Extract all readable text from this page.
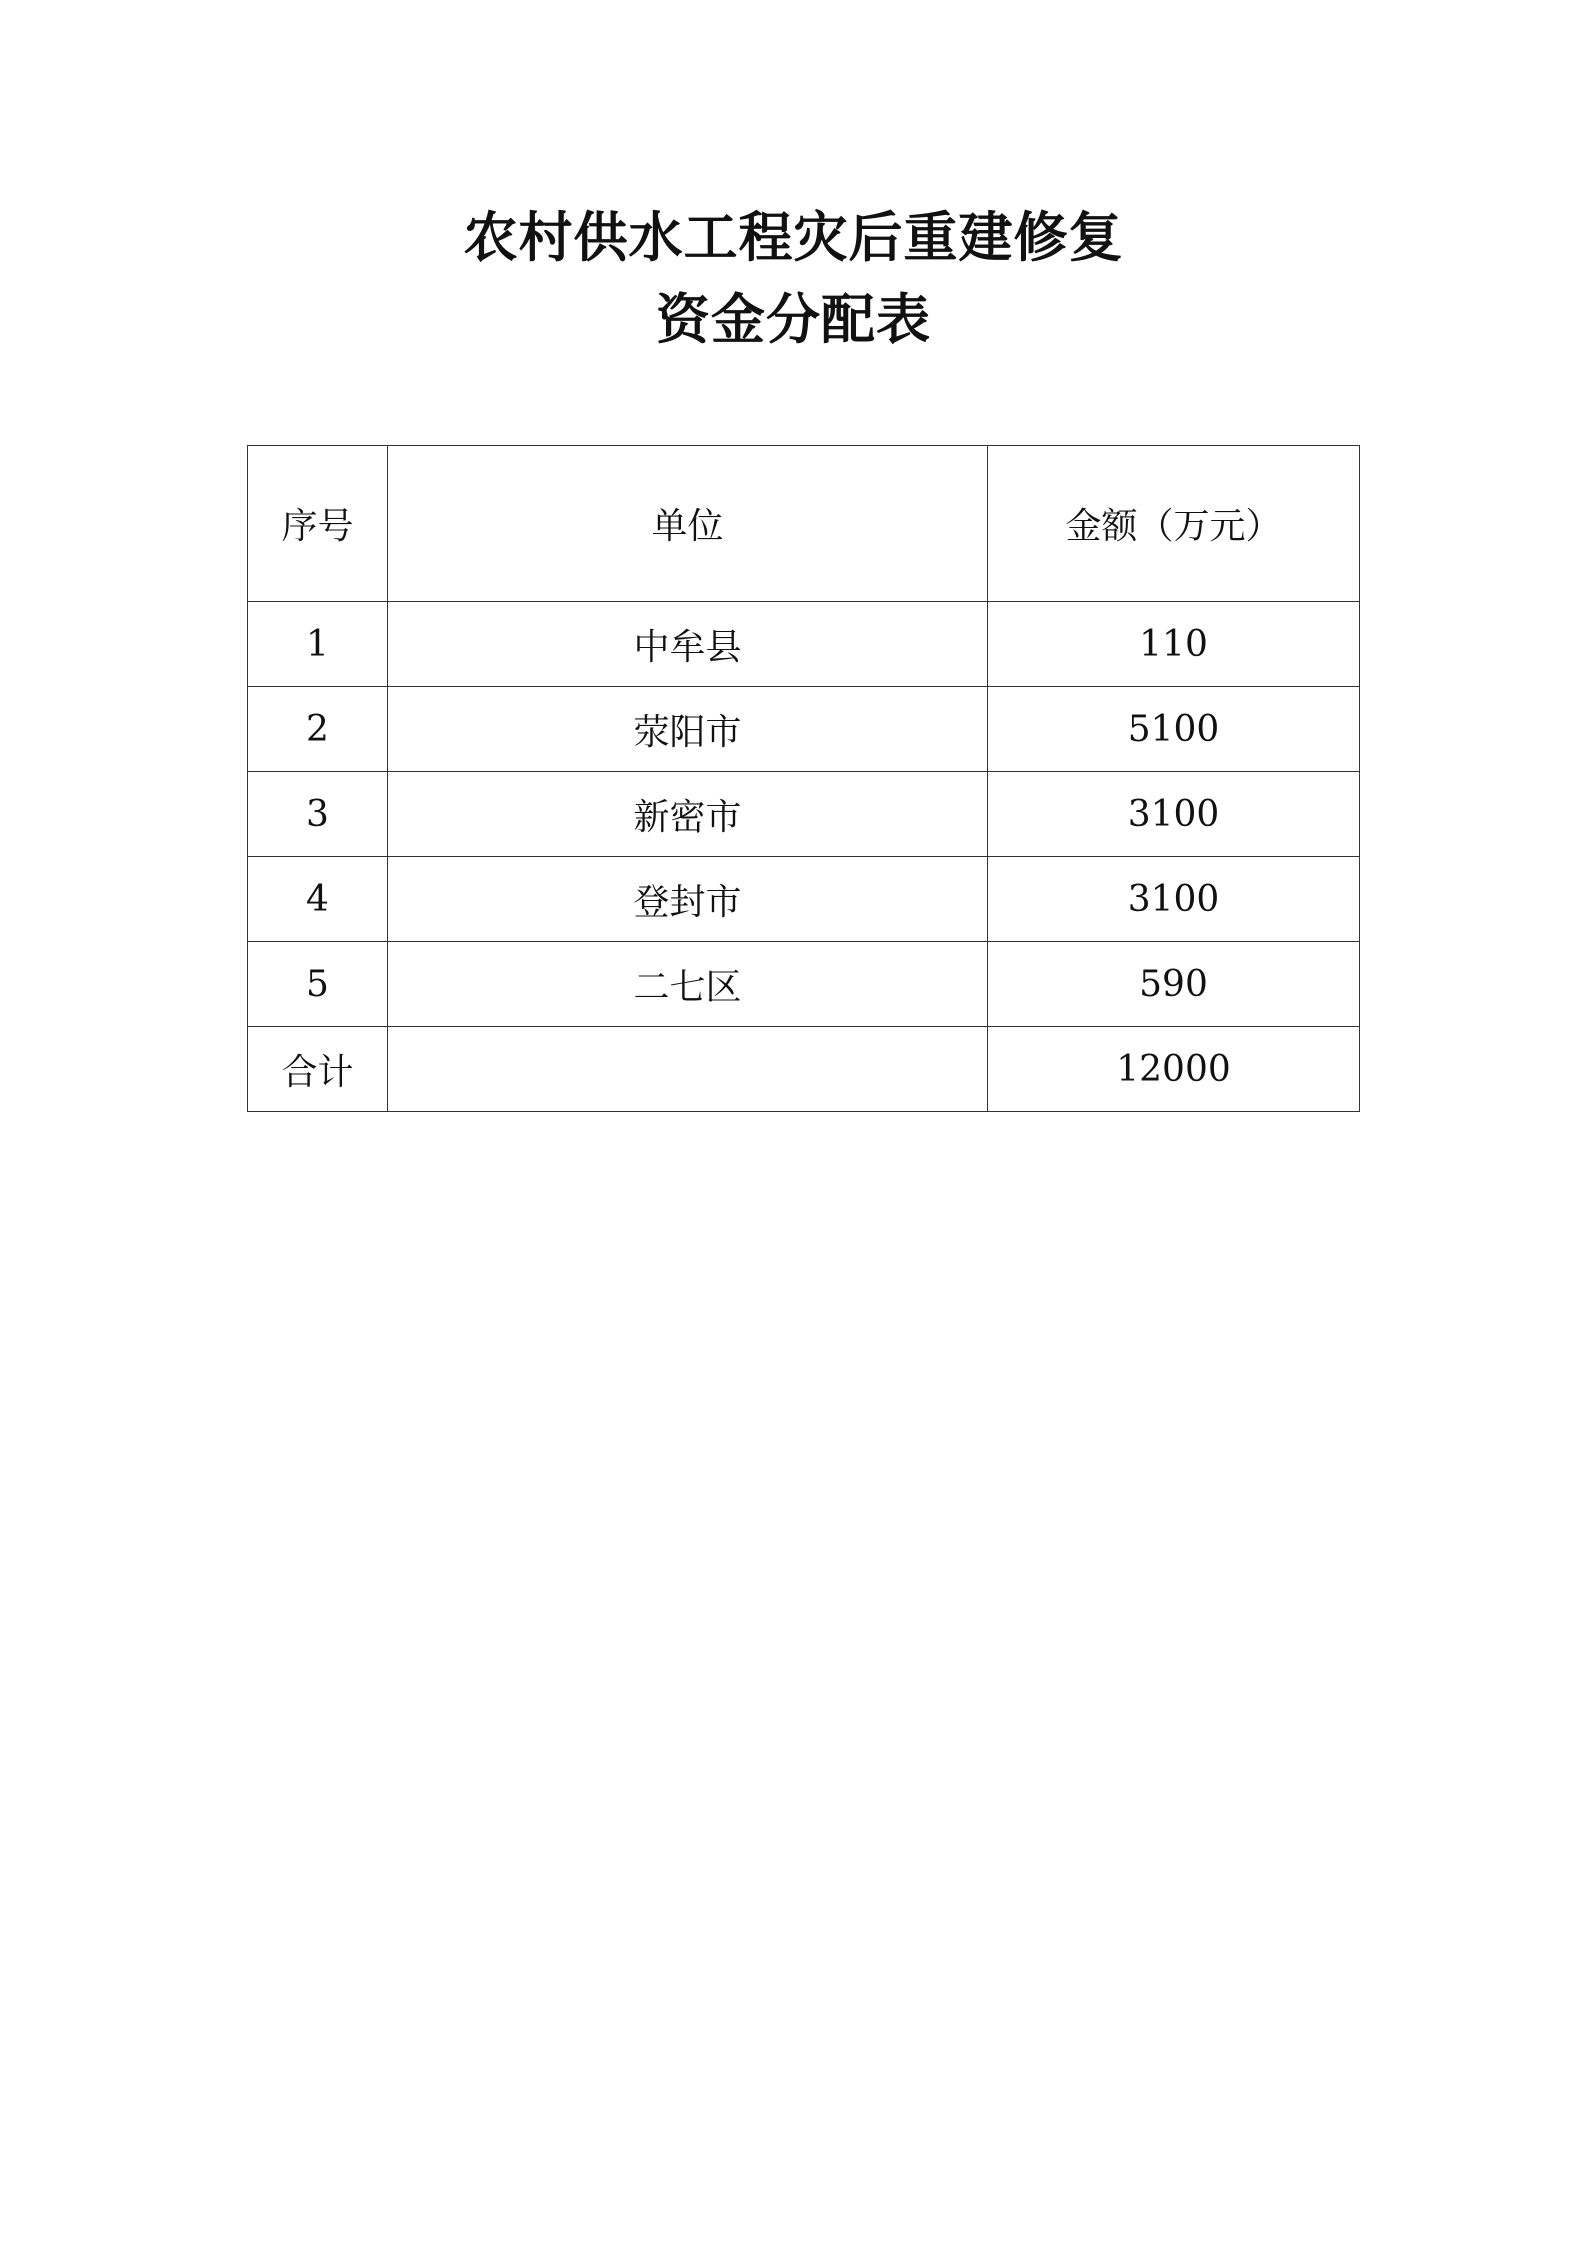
农村供水工程灾后重建修复
资金分配表
序号	单位	金额（万元）
1	中牟县	110
2	荥阳市	5100
3	新密市	3100
4	登封市	3100
5	二七区	590
合计		12000
